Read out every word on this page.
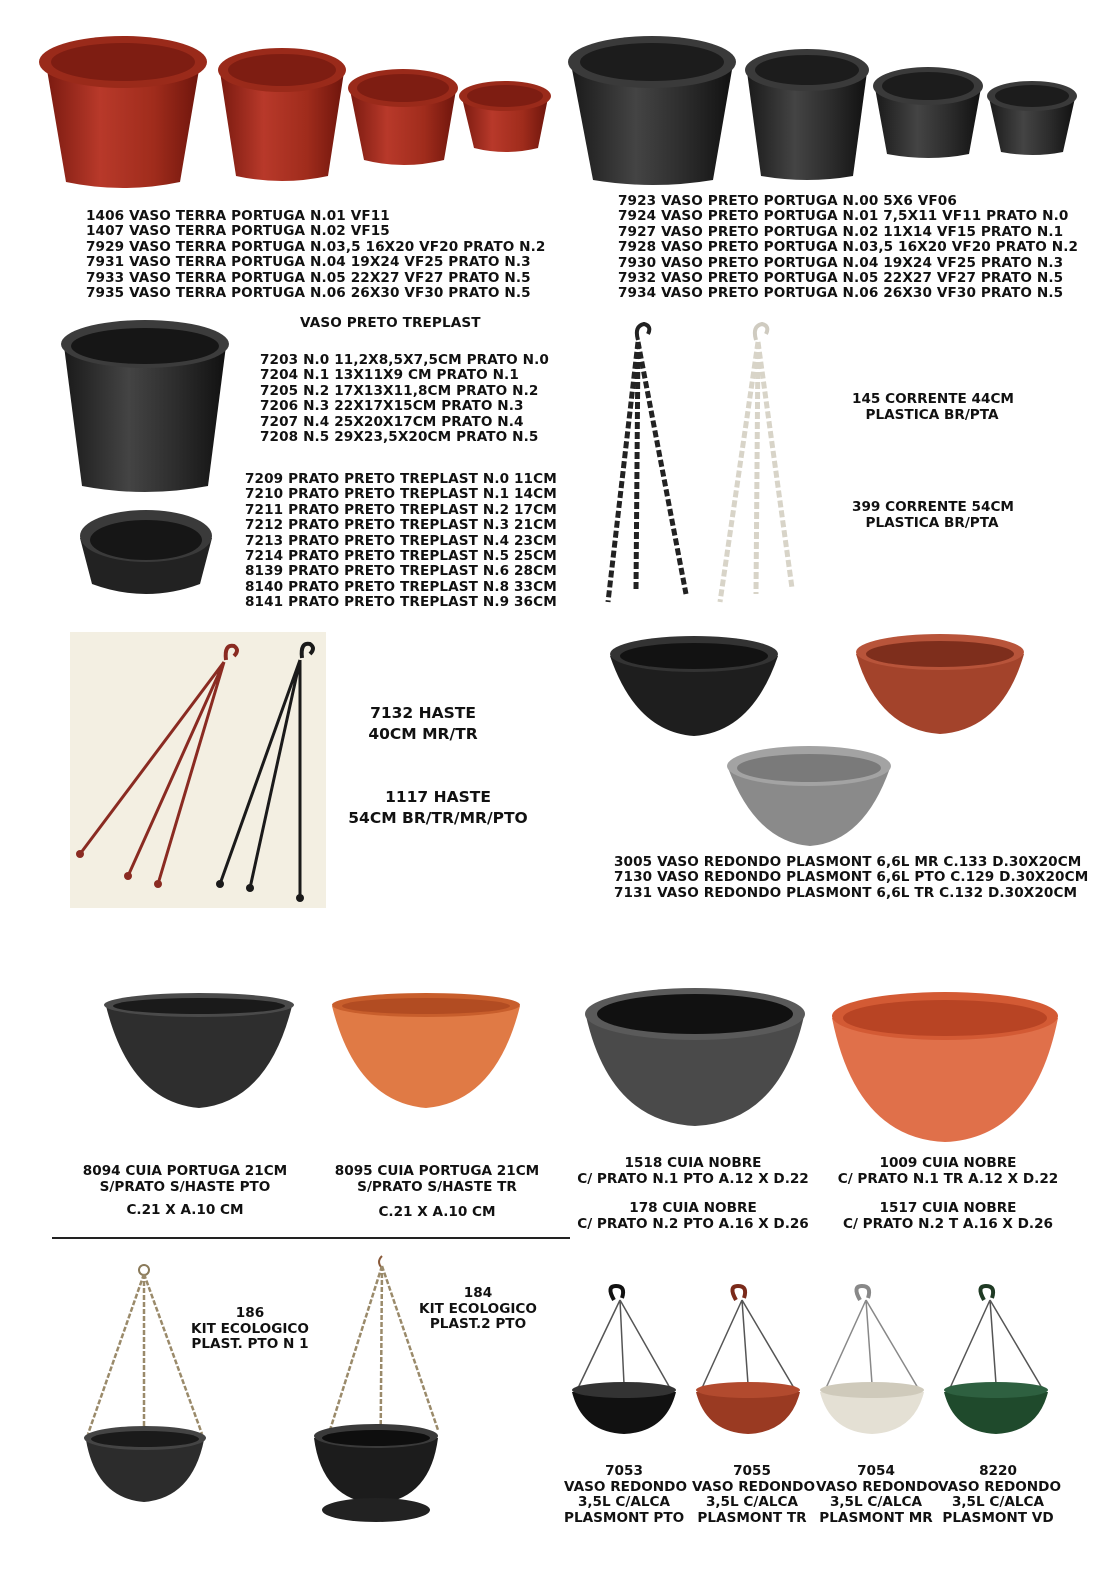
1406 VASO TERRA PORTUGA N.01 VF11
1407 VASO TERRA PORTUGA N.02 VF15
7929 VASO TERRA PORTUGA N.03,5 16X20 VF20 PRATO N.2
7931 VASO TERRA PORTUGA N.04 19X24 VF25 PRATO N.3
7933 VASO TERRA PORTUGA N.05 22X27 VF27 PRATO N.5
7935 VASO TERRA PORTUGA N.06 26X30 VF30 PRATO N.5
7923 VASO PRETO PORTUGA N.00 5X6 VF06
7924 VASO PRETO PORTUGA N.01 7,5X11 VF11 PRATO N.0
7927 VASO PRETO PORTUGA N.02 11X14 VF15 PRATO N.1
7928 VASO PRETO PORTUGA N.03,5 16X20 VF20 PRATO N.2
7930 VASO PRETO PORTUGA N.04 19X24 VF25 PRATO N.3
7932 VASO PRETO PORTUGA N.05 22X27 VF27 PRATO N.5
7934 VASO PRETO PORTUGA N.06 26X30 VF30 PRATO N.5
VASO PRETO TREPLAST
7203 N.0 11,2X8,5X7,5CM PRATO N.0
7204 N.1 13X11X9 CM PRATO N.1
7205 N.2 17X13X11,8CM PRATO N.2
7206 N.3 22X17X15CM PRATO N.3
7207 N.4 25X20X17CM PRATO N.4
7208 N.5 29X23,5X20CM PRATO N.5
7209 PRATO PRETO TREPLAST N.0 11CM
7210 PRATO PRETO TREPLAST N.1 14CM
7211 PRATO PRETO TREPLAST N.2 17CM
7212 PRATO PRETO TREPLAST N.3 21CM
7213 PRATO PRETO TREPLAST N.4 23CM
7214 PRATO PRETO TREPLAST N.5 25CM
8139 PRATO PRETO TREPLAST N.6 28CM
8140 PRATO PRETO TREPLAST N.8 33CM
8141 PRATO PRETO TREPLAST N.9 36CM
145 CORRENTE 44CM
PLASTICA BR/PTA
399 CORRENTE 54CM
PLASTICA BR/PTA
7132 HASTE
40CM MR/TR
1117 HASTE
54CM BR/TR/MR/PTO
3005 VASO REDONDO PLASMONT 6,6L MR C.133 D.30X20CM
7130 VASO REDONDO PLASMONT 6,6L PTO C.129 D.30X20CM
7131 VASO REDONDO PLASMONT 6,6L TR C.132 D.30X20CM
8094 CUIA PORTUGA 21CM
S/PRATO S/HASTE PTO
C.21 X A.10 CM
8095 CUIA PORTUGA 21CM
S/PRATO S/HASTE TR
C.21 X A.10 CM
1518 CUIA NOBRE
C/ PRATO N.1 PTO A.12 X D.22
178 CUIA NOBRE
C/ PRATO N.2 PTO A.16 X D.26
1009 CUIA NOBRE
C/ PRATO N.1 TR A.12 X D.22
1517 CUIA NOBRE
C/ PRATO N.2 T A.16 X D.26
186
KIT ECOLOGICO
PLAST. PTO N 1
184
KIT ECOLOGICO
PLAST.2 PTO
7053
VASO REDONDO
3,5L C/ALCA
PLASMONT PTO
7055
VASO REDONDO
3,5L C/ALCA
PLASMONT TR
7054
VASO REDONDO
3,5L C/ALCA
PLASMONT MR
8220
VASO REDONDO
3,5L C/ALCA
PLASMONT VD
